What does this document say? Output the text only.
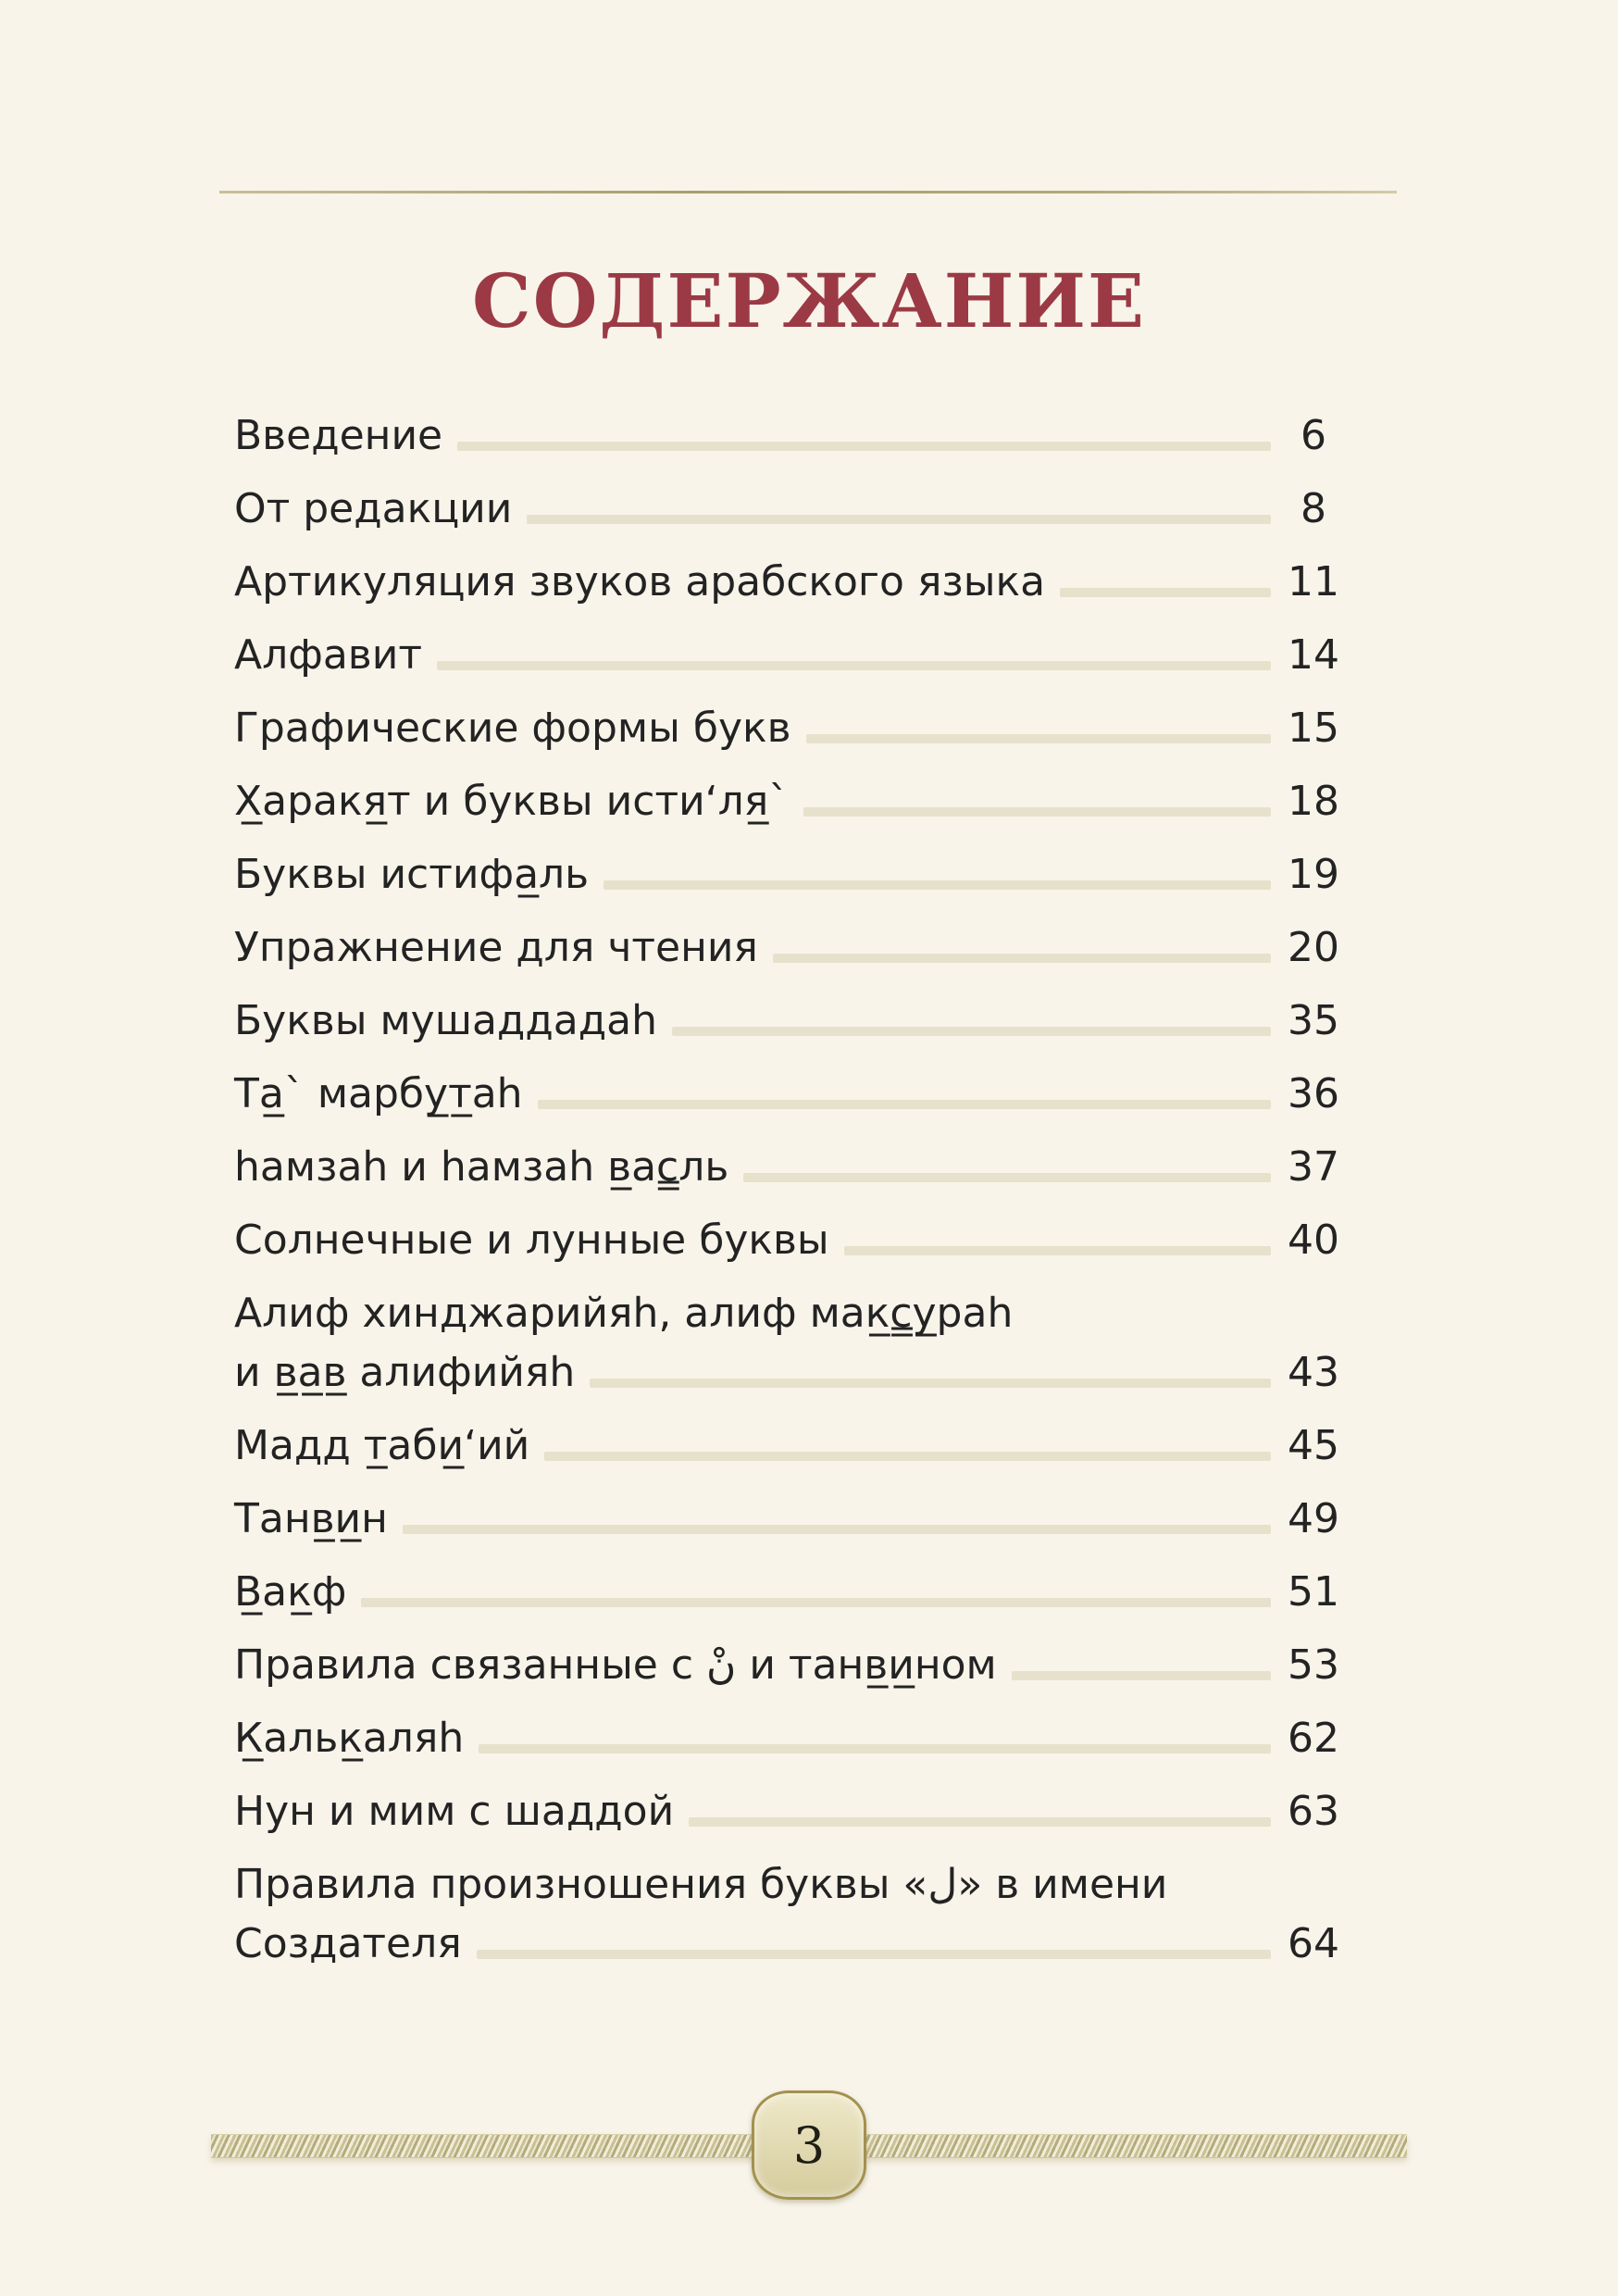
СОДЕРЖАНИЕ
Введение	6
От редакции	8
Артикуляция звуков арабского языка	11
Алфавит	14
Графические формы букв	15
Х̲аракя̲т и буквы исти‘ля̲`	18
Буквы истифа̲ль	19
Упражнение для чтения	20
Буквы мушаддадаһ	35
Та̲` марбу̲т̲аһ	36
һамзаһ и һамзаһ в̲ас̳ль	37
Солнечные и лунные буквы	40
Алиф хинджарийяһ, алиф мак̲с̳у̲раһ
и в̲а̲в̲ алифийяһ	43
Мадд т̲аби̲‘ий	45
Танв̲и̲н	49
В̲ак̲ф	51
Правила связанные с نْ и танв̲и̲ном	53
К̲альк̲аляһ	62
Нун и мим с шаддой	63
Правила произношения буквы «ل» в имени
Создателя	64
3
